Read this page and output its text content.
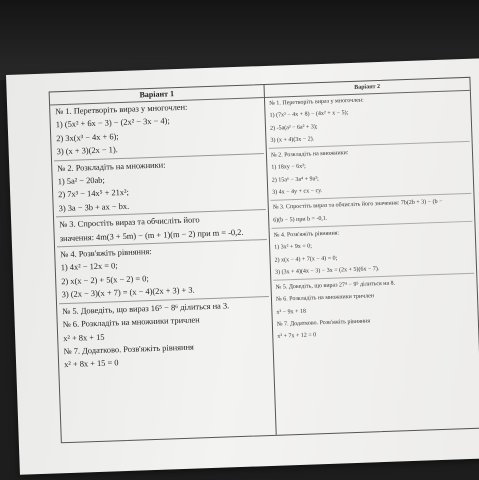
Варіант 1
№ 1. Перетворіть вираз у многочлен:
1) (5x² + 6x − 3) − (2x² − 3x − 4);
2) 3x(x³ − 4x + 6);
3) (x + 3)(2x − 1).
№ 2. Розкладіть на множники:
1) 5a² − 20ab;
2) 7x³ − 14x⁵ + 21x²;
3) 3a − 3b + ax − bx.
№ 3. Спростіть вираз та обчисліть його
значення: 4m(3 + 5m) − (m + 1)(m − 2) при m = -0,2.
№ 4. Розв'яжіть рівняння:
1) 4x² − 12x = 0;
2) x(x − 2) + 5(x − 2) = 0;
3) (2x − 3)(x + 7) = (x − 4)(2x + 3) + 3.
№ 5. Доведіть, що вираз 16⁵ − 8⁶ ділиться на 3.
№ 6. Розкладіть на множники тричлен
x² + 8x + 15
№ 7. Додатково. Розв'яжіть рівняння
x² + 8x + 15 = 0
Варіант 2
№ 1. Перетворіть вираз у многочлен:
1) (7x² − 4x + 8) − (4x² + x − 5);
2) -5a(a³ − 6a² + 3);
3) (x + 4)(3x − 2).
№ 2. Розкладіть на множники:
1) 18xy − 6x²;
2) 15a⁶ − 3a⁴ + 9a²;
3) 4x − 4y + cx − cy.
№ 3. Спростіть вираз та обчисліть його значення: 7b(2b + 3) − (b −
6)(b − 5) при b = -0,1.
№ 4. Розв'яжіть рівняння:
1) 3x² + 9x = 0;
2) x(x − 4) + 7(x − 4) = 0;
3) (3x + 4)(4x − 3) − 3x = (2x + 5)(6x − 7).
№ 5. Доведіть, що вираз 27⁴ − 9⁵ ділиться на 8.
№ 6. Розкладіть на множники тричлен
x² − 9x + 18
№ 7. Додатково. Розв'яжіть рівняння
x² + 7x + 12 = 0
